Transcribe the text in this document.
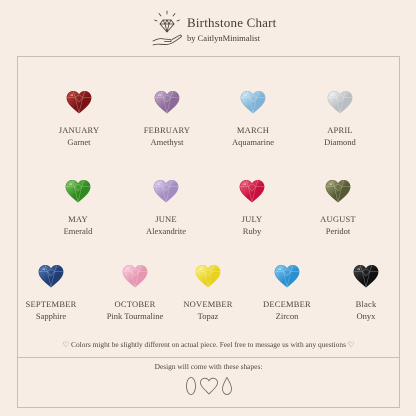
Birthstone Chart
by CaitlynMinimalist
JANUARY
Garnet
FEBRUARY
Amethyst
MARCH
Aquamarine
APRIL
Diamond
MAY
Emerald
JUNE
Alexandrite
JULY
Ruby
AUGUST
Peridot
SEPTEMBER
Sapphire
OCTOBER
Pink Tourmaline
NOVEMBER
Topaz
DECEMBER
Zircon
Black
Onyx
♡ Colors might be slightly different on actual piece. Feel free to message us with any questions ♡
Design will come with these shapes:
